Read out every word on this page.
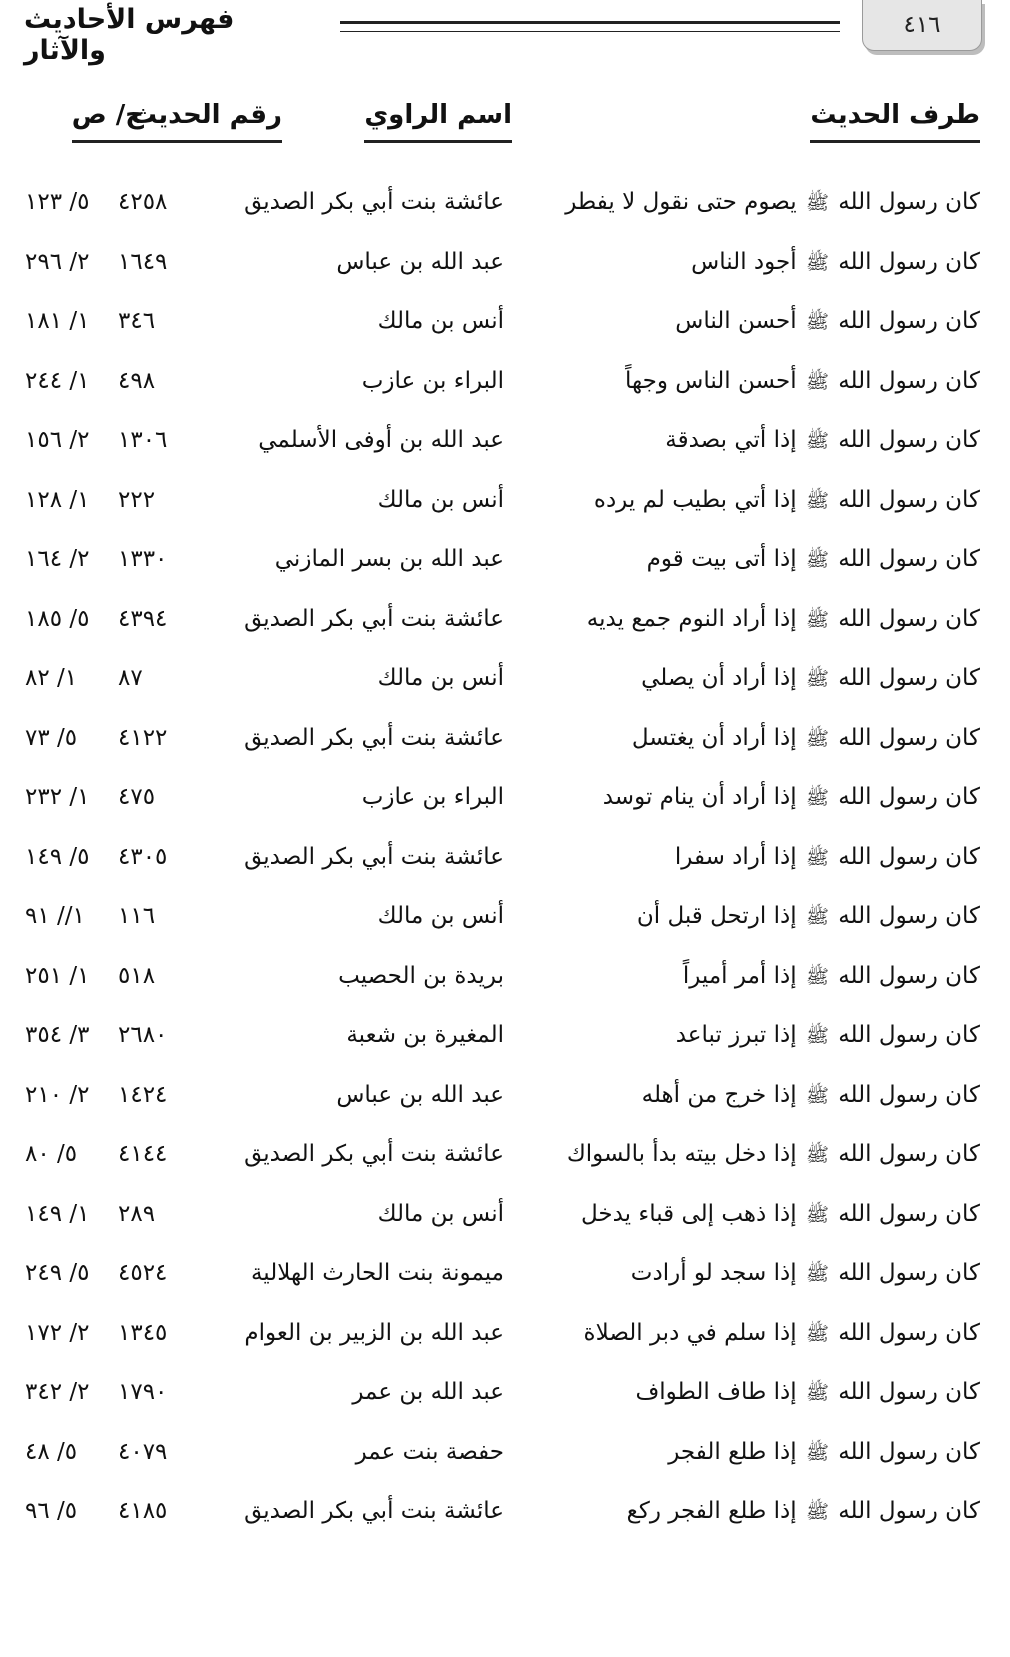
٤١٦
فهرس الأحاديث والآثار
طرف الحديث
اسم الراوي
رقم الحديث
ج/ ص
كان رسول الله ﷺ يصوم حتى نقول لا يفطر
عائشة بنت أبي بكر الصديق
٤٢٥٨
٥/ ١٢٣
كان رسول الله ﷺ أجود الناس
عبد الله بن عباس
١٦٤٩
٢/ ٢٩٦
كان رسول الله ﷺ أحسن الناس
أنس بن مالك
٣٤٦
١/ ١٨١
كان رسول الله ﷺ أحسن الناس وجهاً
البراء بن عازب
٤٩٨
١/ ٢٤٤
كان رسول الله ﷺ إذا أتي بصدقة
عبد الله بن أوفى الأسلمي
١٣٠٦
٢/ ١٥٦
كان رسول الله ﷺ إذا أتي بطيب لم يرده
أنس بن مالك
٢٢٢
١/ ١٢٨
كان رسول الله ﷺ إذا أتى بيت قوم
عبد الله بن بسر المازني
١٣٣٠
٢/ ١٦٤
كان رسول الله ﷺ إذا أراد النوم جمع يديه
عائشة بنت أبي بكر الصديق
٤٣٩٤
٥/ ١٨٥
كان رسول الله ﷺ إذا أراد أن يصلي
أنس بن مالك
٨٧
١/ ٨٢
كان رسول الله ﷺ إذا أراد أن يغتسل
عائشة بنت أبي بكر الصديق
٤١٢٢
٥/ ٧٣
كان رسول الله ﷺ إذا أراد أن ينام توسد
البراء بن عازب
٤٧٥
١/ ٢٣٢
كان رسول الله ﷺ إذا أراد سفرا
عائشة بنت أبي بكر الصديق
٤٣٠٥
٥/ ١٤٩
كان رسول الله ﷺ إذا ارتحل قبل أن
أنس بن مالك
١١٦
١// ٩١
كان رسول الله ﷺ إذا أمر أميراً
بريدة بن الحصيب
٥١٨
١/ ٢٥١
كان رسول الله ﷺ إذا تبرز تباعد
المغيرة بن شعبة
٢٦٨٠
٣/ ٣٥٤
كان رسول الله ﷺ إذا خرج من أهله
عبد الله بن عباس
١٤٢٤
٢/ ٢١٠
كان رسول الله ﷺ إذا دخل بيته بدأ بالسواك
عائشة بنت أبي بكر الصديق
٤١٤٤
٥/ ٨٠
كان رسول الله ﷺ إذا ذهب إلى قباء يدخل
أنس بن مالك
٢٨٩
١/ ١٤٩
كان رسول الله ﷺ إذا سجد لو أرادت
ميمونة بنت الحارث الهلالية
٤٥٢٤
٥/ ٢٤٩
كان رسول الله ﷺ إذا سلم في دبر الصلاة
عبد الله بن الزبير بن العوام
١٣٤٥
٢/ ١٧٢
كان رسول الله ﷺ إذا طاف الطواف
عبد الله بن عمر
١٧٩٠
٢/ ٣٤٢
كان رسول الله ﷺ إذا طلع الفجر
حفصة بنت عمر
٤٠٧٩
٥/ ٤٨
كان رسول الله ﷺ إذا طلع الفجر ركع
عائشة بنت أبي بكر الصديق
٤١٨٥
٥/ ٩٦
